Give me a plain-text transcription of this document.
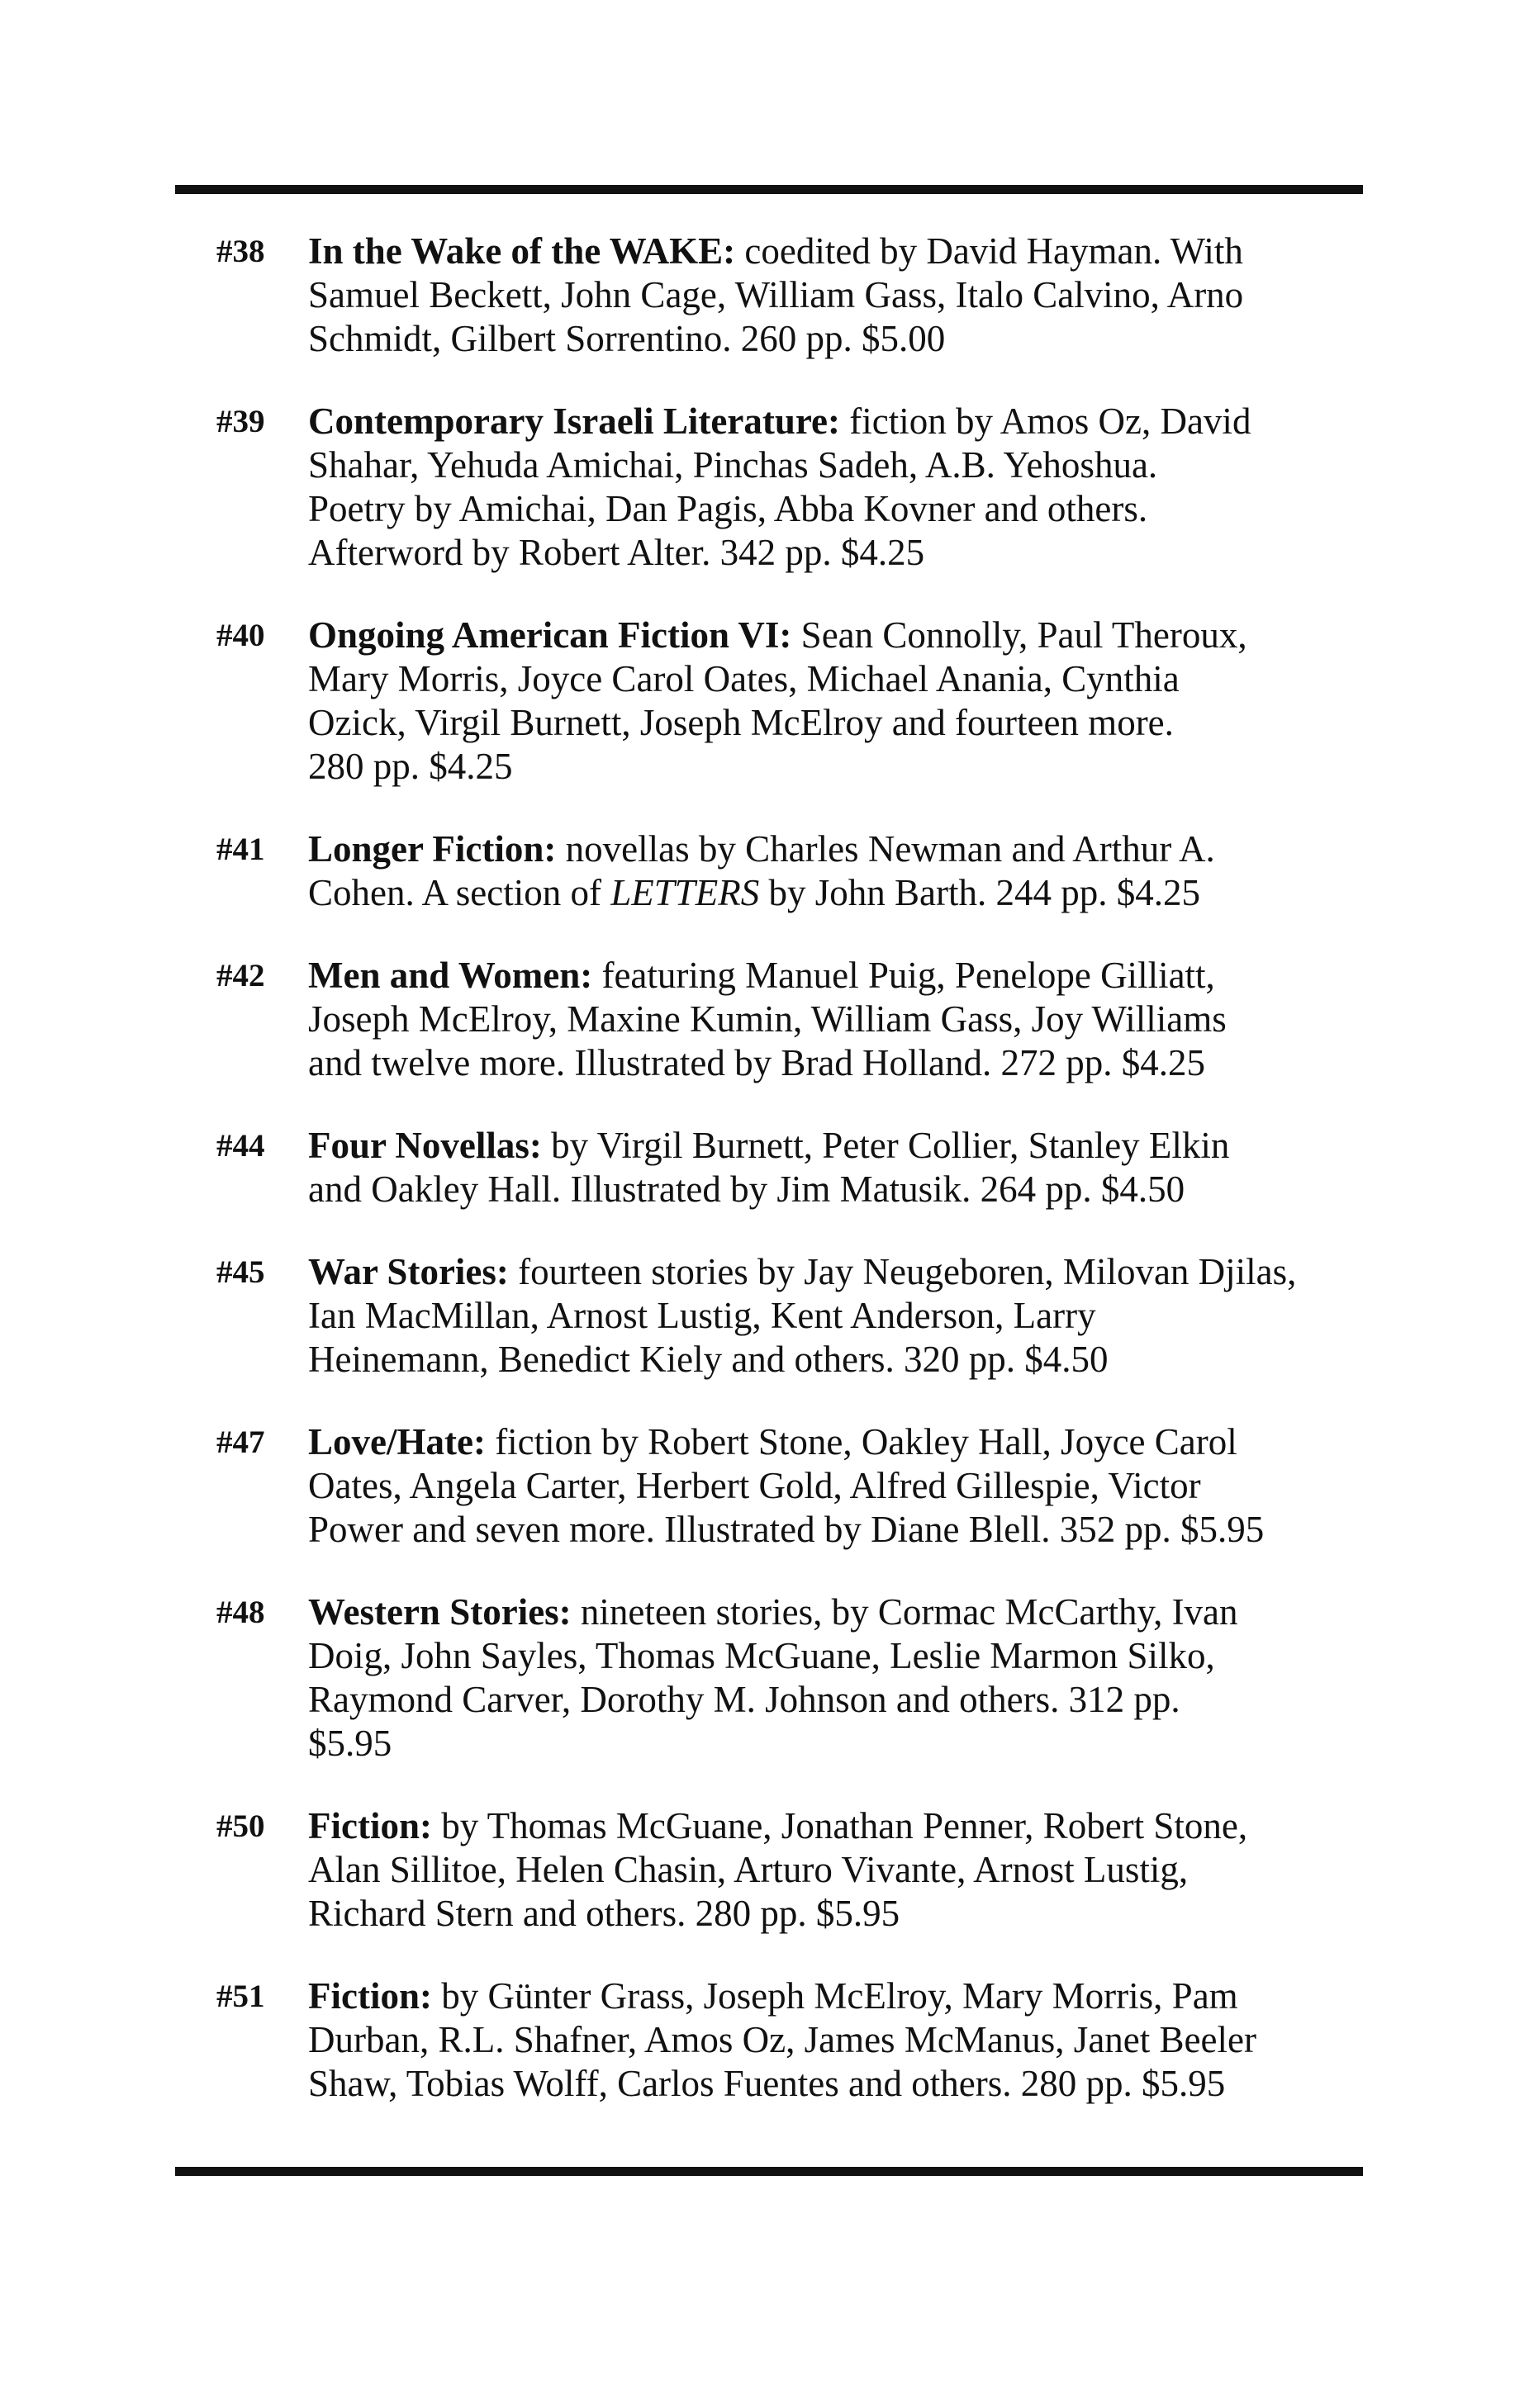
#38 In the Wake of the WAKE: coedited by David Hayman. With
Samuel Beckett, John Cage, William Gass, Italo Calvino, Arno
Schmidt, Gilbert Sorrentino. 260 pp. $5.00
#39 Contemporary Israeli Literature: fiction by Amos Oz, David
Shahar, Yehuda Amichai, Pinchas Sadeh, A.B. Yehoshua.
Poetry by Amichai, Dan Pagis, Abba Kovner and others.
Afterword by Robert Alter. 342 pp. $4.25
#40 Ongoing American Fiction VI: Sean Connolly, Paul Theroux,
Mary Morris, Joyce Carol Oates, Michael Anania, Cynthia
Ozick, Virgil Burnett, Joseph McElroy and fourteen more.
280 pp. $4.25
#41 Longer Fiction: novellas by Charles Newman and Arthur A.
Cohen. A section of LETTERS by John Barth. 244 pp. $4.25
#42 Men and Women: featuring Manuel Puig, Penelope Gilliatt,
Joseph McElroy, Maxine Kumin, William Gass, Joy Williams
and twelve more. Illustrated by Brad Holland. 272 pp. $4.25
#44 Four Novellas: by Virgil Burnett, Peter Collier, Stanley Elkin
and Oakley Hall. Illustrated by Jim Matusik. 264 pp. $4.50
#45 War Stories: fourteen stories by Jay Neugeboren, Milovan Djilas,
Ian MacMillan, Arnost Lustig, Kent Anderson, Larry
Heinemann, Benedict Kiely and others. 320 pp. $4.50
#47 Love/Hate: fiction by Robert Stone, Oakley Hall, Joyce Carol
Oates, Angela Carter, Herbert Gold, Alfred Gillespie, Victor
Power and seven more. Illustrated by Diane Blell. 352 pp. $5.95
#48 Western Stories: nineteen stories, by Cormac McCarthy, Ivan
Doig, John Sayles, Thomas McGuane, Leslie Marmon Silko,
Raymond Carver, Dorothy M. Johnson and others. 312 pp.
$5.95
#50 Fiction: by Thomas McGuane, Jonathan Penner, Robert Stone,
Alan Sillitoe, Helen Chasin, Arturo Vivante, Arnost Lustig,
Richard Stern and others. 280 pp. $5.95
#51 Fiction: by Günter Grass, Joseph McElroy, Mary Morris, Pam
Durban, R.L. Shafner, Amos Oz, James McManus, Janet Beeler
Shaw, Tobias Wolff, Carlos Fuentes and others. 280 pp. $5.95
